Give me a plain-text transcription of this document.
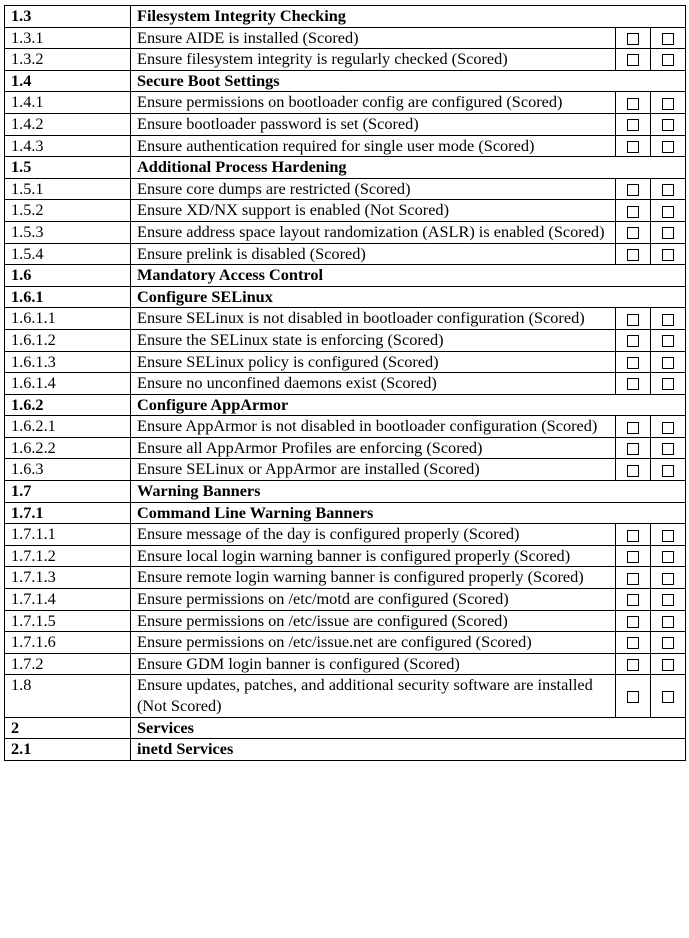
1.3	Filesystem Integrity Checking		
1.3.1	Ensure AIDE is installed (Scored)		
1.3.2	Ensure filesystem integrity is regularly checked (Scored)		
1.4	Secure Boot Settings		
1.4.1	Ensure permissions on bootloader config are configured (Scored)		
1.4.2	Ensure bootloader password is set (Scored)		
1.4.3	Ensure authentication required for single user mode (Scored)		
1.5	Additional Process Hardening		
1.5.1	Ensure core dumps are restricted (Scored)		
1.5.2	Ensure XD/NX support is enabled (Not Scored)		
1.5.3	Ensure address space layout randomization (ASLR) is enabled (Scored)		
1.5.4	Ensure prelink is disabled (Scored)		
1.6	Mandatory Access Control		
1.6.1	Configure SELinux		
1.6.1.1	Ensure SELinux is not disabled in bootloader configuration (Scored)		
1.6.1.2	Ensure the SELinux state is enforcing (Scored)		
1.6.1.3	Ensure SELinux policy is configured (Scored)		
1.6.1.4	Ensure no unconfined daemons exist (Scored)		
1.6.2	Configure AppArmor		
1.6.2.1	Ensure AppArmor is not disabled in bootloader configuration (Scored)		
1.6.2.2	Ensure all AppArmor Profiles are enforcing (Scored)		
1.6.3	Ensure SELinux or AppArmor are installed (Scored)		
1.7	Warning Banners		
1.7.1	Command Line Warning Banners		
1.7.1.1	Ensure message of the day is configured properly (Scored)		
1.7.1.2	Ensure local login warning banner is configured properly (Scored)		
1.7.1.3	Ensure remote login warning banner is configured properly (Scored)		
1.7.1.4	Ensure permissions on /etc/motd are configured (Scored)		
1.7.1.5	Ensure permissions on /etc/issue are configured (Scored)		
1.7.1.6	Ensure permissions on /etc/issue.net are configured (Scored)		
1.7.2	Ensure GDM login banner is configured (Scored)		
1.8	Ensure updates, patches, and additional security software are installed (Not Scored)		
2	Services		
2.1	inetd Services		
